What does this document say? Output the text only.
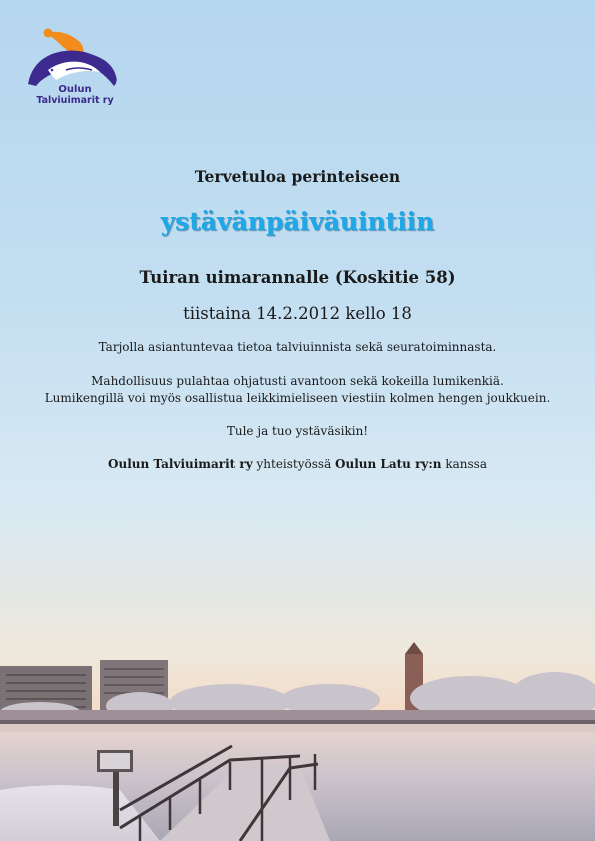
Oulun
Talviuimarit ry
Tervetuloa perinteiseen
ystävänpäiväuintiin
Tuiran uimarannalle (Koskitie 58)
tiistaina 14.2.2012 kello 18
Tarjolla asiantuntevaa tietoa talviuinnista sekä seuratoiminnasta.
Mahdollisuus pulahtaa ohjatusti avantoon sekä kokeilla lumikenkiä.
Lumikengillä voi myös osallistua leikkimieliseen viestiin kolmen hengen joukkuein.
Tule ja tuo ystäväsikin!
Oulun Talviuimarit ry yhteistyössä Oulun Latu ry:n kanssa
